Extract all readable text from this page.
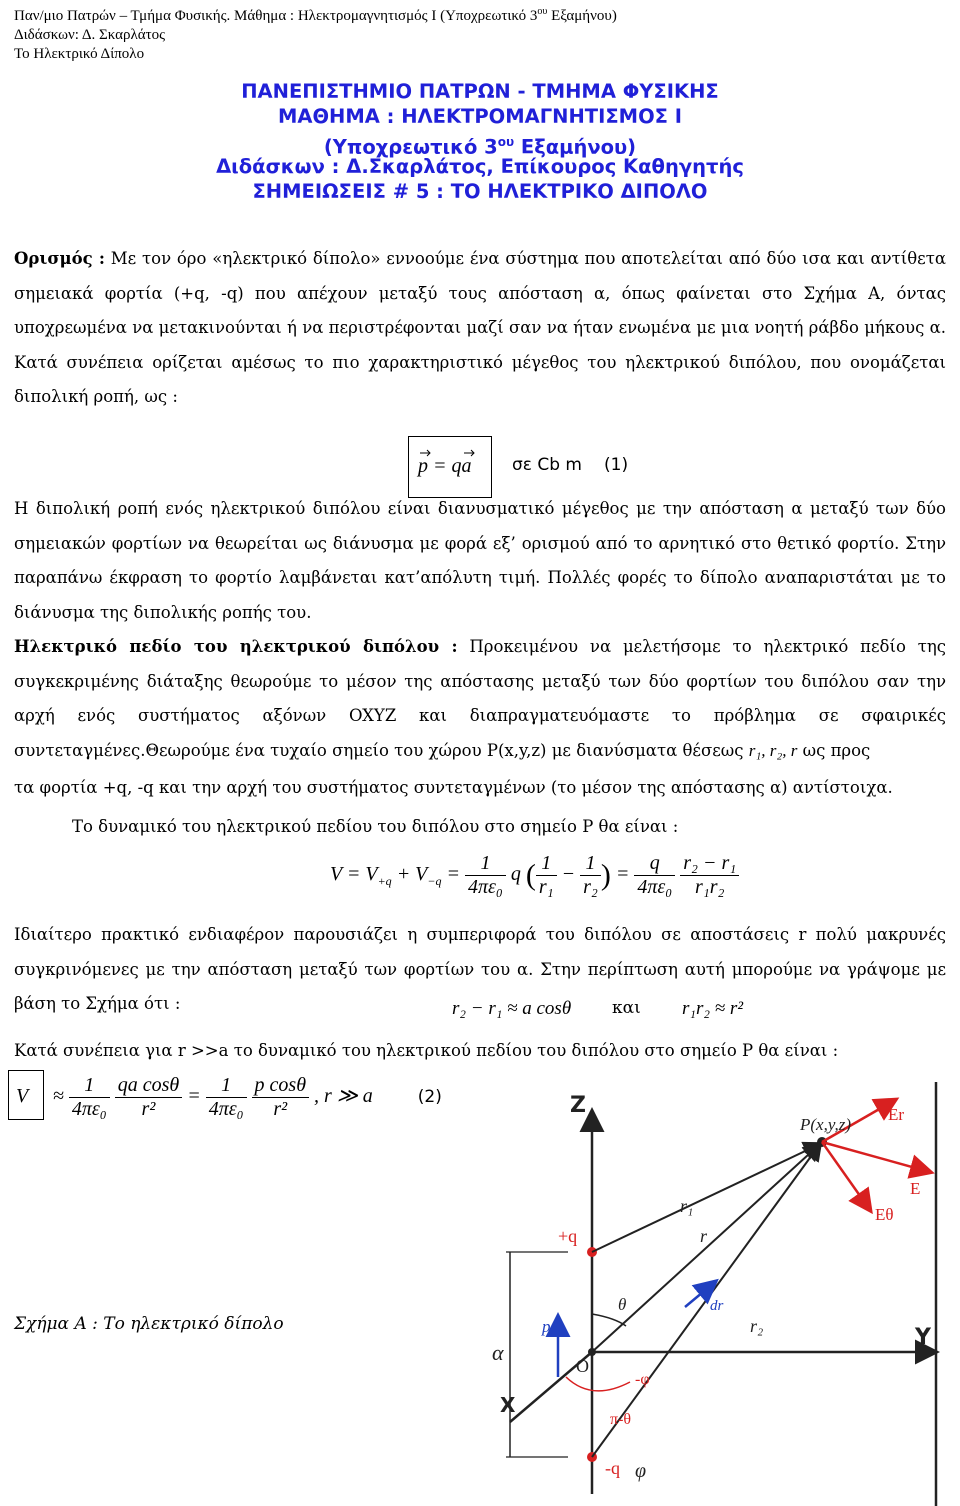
Παν/μιο Πατρών – Τμήμα Φυσικής. Μάθημα : Ηλεκτρομαγνητισμός Ι (Υποχρεωτικό $3^{o\upsilon}$ Εξαμήνου)
Διδάσκων: Δ. Σκαρλάτος
Το Ηλεκτρικό Δίπολο
ΠΑΝΕΠΙΣΤΗΜΙΟ ΠΑΤΡΩΝ - ΤΜΗΜΑ ΦΥΣΙΚΗΣ
ΜΑΘΗΜΑ : ΗΛΕΚΤΡΟΜΑΓΝΗΤΙΣΜΟΣ Ι
(Υποχρεωτικό $3^{o\upsilon}$ Εξαμήνου)
Διδάσκων : Δ.Σκαρλάτος, Επίκουρος Καθηγητής
ΣΗΜΕΙΩΣΕΙΣ # 5 : ΤΟ ΗΛΕΚΤΡΙΚΟ ΔΙΠΟΛΟ
Ορισμός : Με τον όρο «ηλεκτρικό δίπολο» εννοούμε ένα σύστημα που αποτελείται από δύο ισα και αντίθετα σημειακά φορτία (+q, -q) που απέχουν μεταξύ τους απόσταση α, όπως φαίνεται στο Σχήμα Α, όντας υποχρεωμένα να μετακινούνται ή να περιστρέφονται μαζί σαν να ήταν ενωμένα με μια νοητή ράβδο μήκους α. Κατά συνέπεια ορίζεται αμέσως το πιο χαρακτηριστικό μέγεθος του ηλεκτρικού διπόλου, που ονομάζεται διπολική ροπή, ως :
p = qa σε Cb m (1)
Η διπολική ροπή ενός ηλεκτρικού διπόλου είναι διανυσματικό μέγεθος με την απόσταση α μεταξύ των δύο σημειακών φορτίων να θεωρείται ως διάνυσμα με φορά εξ’ ορισμού από το αρνητικό στο θετικό φορτίο. Στην παραπάνω έκφραση το φορτίο λαμβάνεται κατ’απόλυτη τιμή. Πολλές φορές το δίπολο αναπαριστάται με το διάνυσμα της διπολικής ροπής του.
Ηλεκτρικό πεδίο του ηλεκτρικού διπόλου : Προκειμένου να μελετήσομε το ηλεκτρικό πεδίο της συγκεκριμένης διάταξης θεωρούμε το μέσον της απόστασης μεταξύ των δύο φορτίων του διπόλου σαν την αρχή ενός συστήματος αξόνων OXYZ και διαπραγματευόμαστε το πρόβλημα σε σφαιρικές συντεταγμένες.Θεωρούμε ένα τυχαίο σημείο του χώρου P(x,y,z) με διανύσματα θέσεως r₁, r₂, r ως προς
τα φορτία +q, -q και την αρχή του συστήματος συντεταγμένων (το μέσον της απόστασης α) αντίστοιχα.
Το δυναμικό του ηλεκτρικού πεδίου του διπόλου στο σημείο P θα είναι :
$V = V_{+q} + V_{-q} = \frac{1}{\text{4πε₀}}$ q ( $\frac{1}{\text{r₁}} - \frac{1}{\text{r₂}}$ ) = $\frac{q}{\text{4πε₀}}$
$\frac{\text{r₂ − r₁}}{\text{r₁r₂}}$
Ιδιαίτερο πρακτικό ενδιαφέρον παρουσιάζει η συμπεριφορά του διπόλου σε αποστάσεις r πολύ μακρυνές συγκρινόμενες με την απόσταση μεταξύ των φορτίων του α. Στην περίπτωση αυτή μπορούμε να γράψομε με βάση το Σχήμα ότι :	r₂ − r₁ ≈ a cosθ και r₁r₂ ≈ r²
Κατά συνέπεια για r >>a το δυναμικό του ηλεκτρικού πεδίου του διπόλου στο σημείο P θα είναι :
$V \approx \frac{1}{\text{4πε₀}}$
$\frac{\text{qa cosθ}}{\text{r²}} = \frac{1}{\text{4πε₀}}$
$\frac{\text{p cosθ}}{\text{r²}}$ , r ≫ a	(2)
Σχήμα Α : Το ηλεκτρικό δίπολο
Z
Y
X
P(x,y,z)
+q
-q
O
r₁
r₂
r
α
θ
φ
Er
E
Eθ
p
dr
π-θ
-φ
